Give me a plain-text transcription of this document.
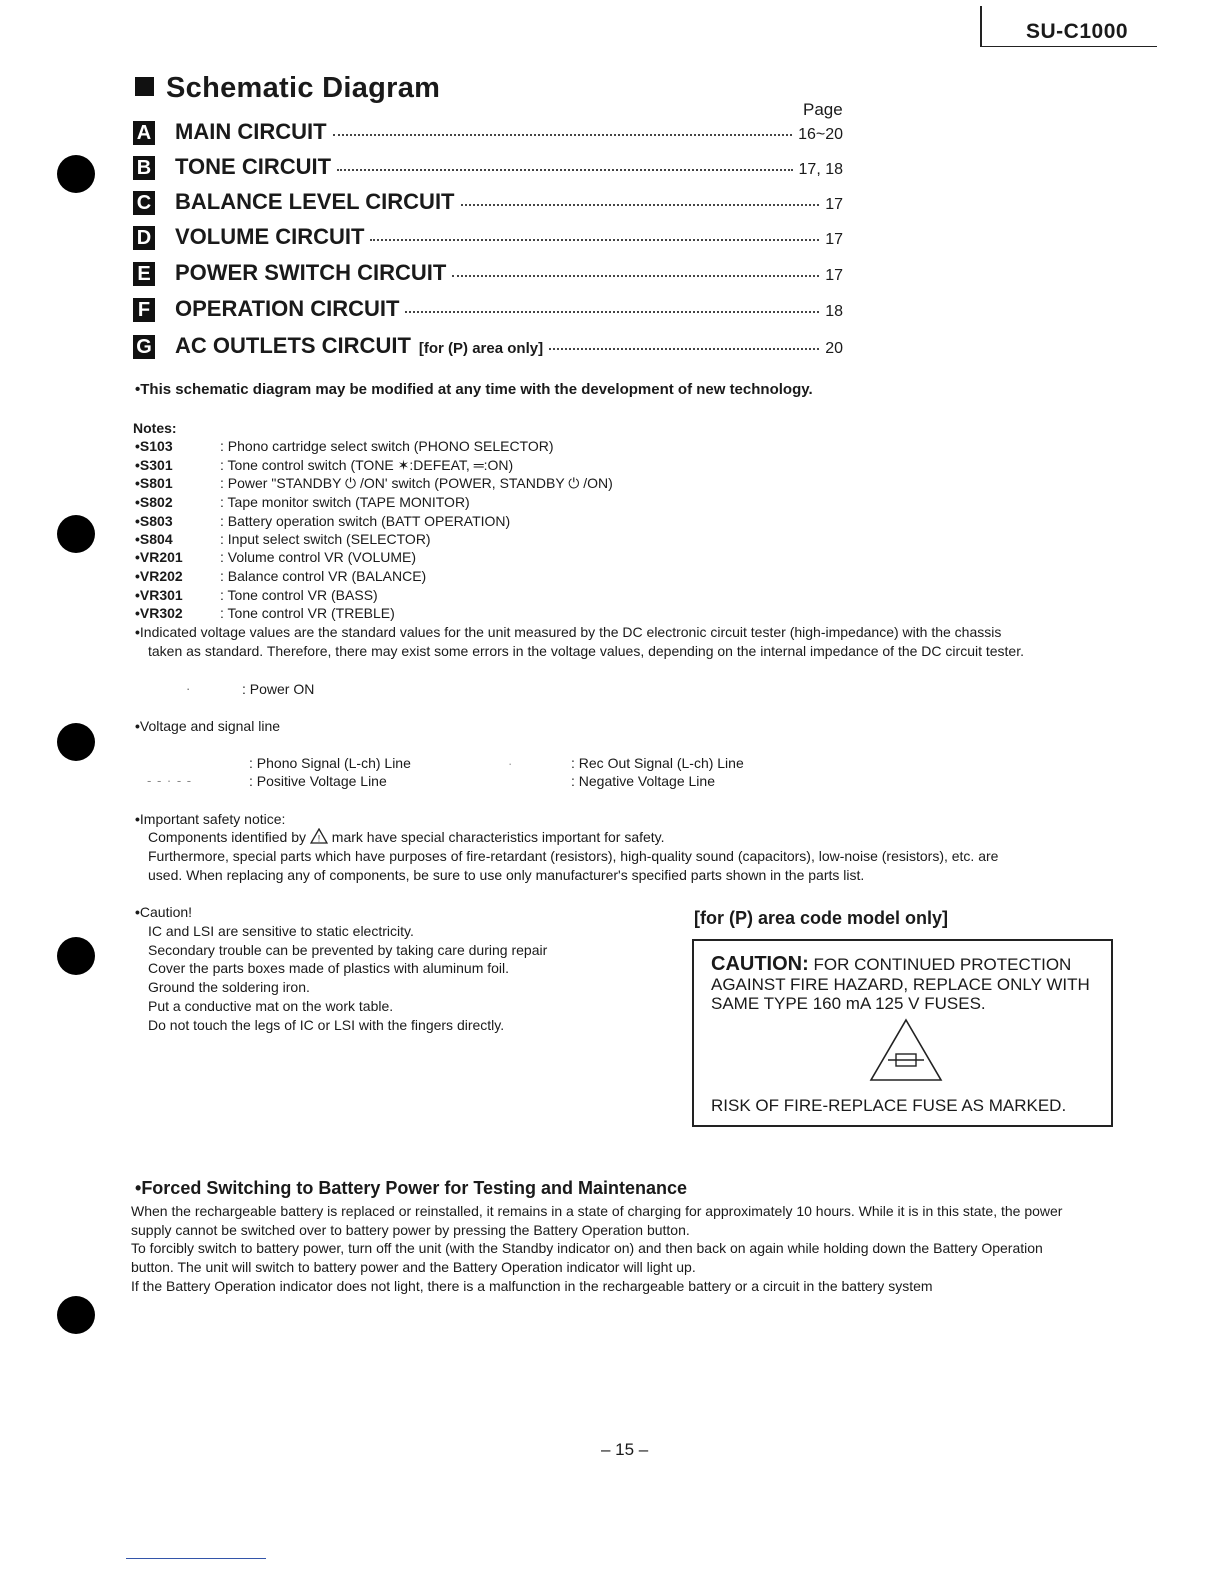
SU-C1000
Schematic Diagram
Page
A MAIN CIRCUIT	16~20
B TONE CIRCUIT	17, 18
C BALANCE LEVEL CIRCUIT	17
D VOLUME CIRCUIT	17
E POWER SWITCH CIRCUIT	17
F OPERATION CIRCUIT	18
G AC OUTLETS CIRCUIT [for (P) area only]	20
• This schematic diagram may be modified at any time with the development of new technology.
Notes:
• S103	: Phono cartridge select switch (PHONO SELECTOR)
• S301	: Tone control switch (TONE ✶:DEFEAT, ═:ON)
• S801	: Power "STANDBY ⏻ /ON' switch (POWER, STANDBY ⏻ /ON)
• S802	: Tape monitor switch (TAPE MONITOR)
• S803	: Battery operation switch (BATT OPERATION)
• S804	: Input select switch (SELECTOR)
• VR201	: Volume control VR (VOLUME)
• VR202	: Balance control VR (BALANCE)
• VR301	: Tone control VR (BASS)
• VR302	: Tone control VR (TREBLE)
• Indicated voltage values are the standard values for the unit measured by the DC electronic circuit tester (high-impedance) with the chassis
taken as standard. Therefore, there may exist some errors in the voltage values, depending on the internal impedance of the DC circuit tester.
·	: Power ON
• Voltage and signal line
: Phono Signal (L-ch) Line	·	: Rec Out Signal (L-ch) Line
- - · - -	: Positive Voltage Line	: Negative Voltage Line
• Important safety notice:
Components identified by ! mark have special characteristics important for safety.
Furthermore, special parts which have purposes of fire-retardant (resistors), high-quality sound (capacitors), low-noise (resistors), etc. are
used. When replacing any of components, be sure to use only manufacturer's specified parts shown in the parts list.
• Caution!
IC and LSI are sensitive to static electricity.
Secondary trouble can be prevented by taking care during repair
Cover the parts boxes made of plastics with aluminum foil.
Ground the soldering iron.
Put a conductive mat on the work table.
Do not touch the legs of IC or LSI with the fingers directly.
[for (P) area code model only]
CAUTION: FOR CONTINUED PROTECTION
AGAINST FIRE HAZARD, REPLACE ONLY WITH
SAME TYPE 160 mA 125 V FUSES.
RISK OF FIRE-REPLACE FUSE AS MARKED.
• Forced Switching to Battery Power for Testing and Maintenance
When the rechargeable battery is replaced or reinstalled, it remains in a state of charging for approximately 10 hours. While it is in this state, the power
supply cannot be switched over to battery power by pressing the Battery Operation button.
To forcibly switch to battery power, turn off the unit (with the Standby indicator on) and then back on again while holding down the Battery Operation
button. The unit will switch to battery power and the Battery Operation indicator will light up.
If the Battery Operation indicator does not light, there is a malfunction in the rechargeable battery or a circuit in the battery system
– 15 –
